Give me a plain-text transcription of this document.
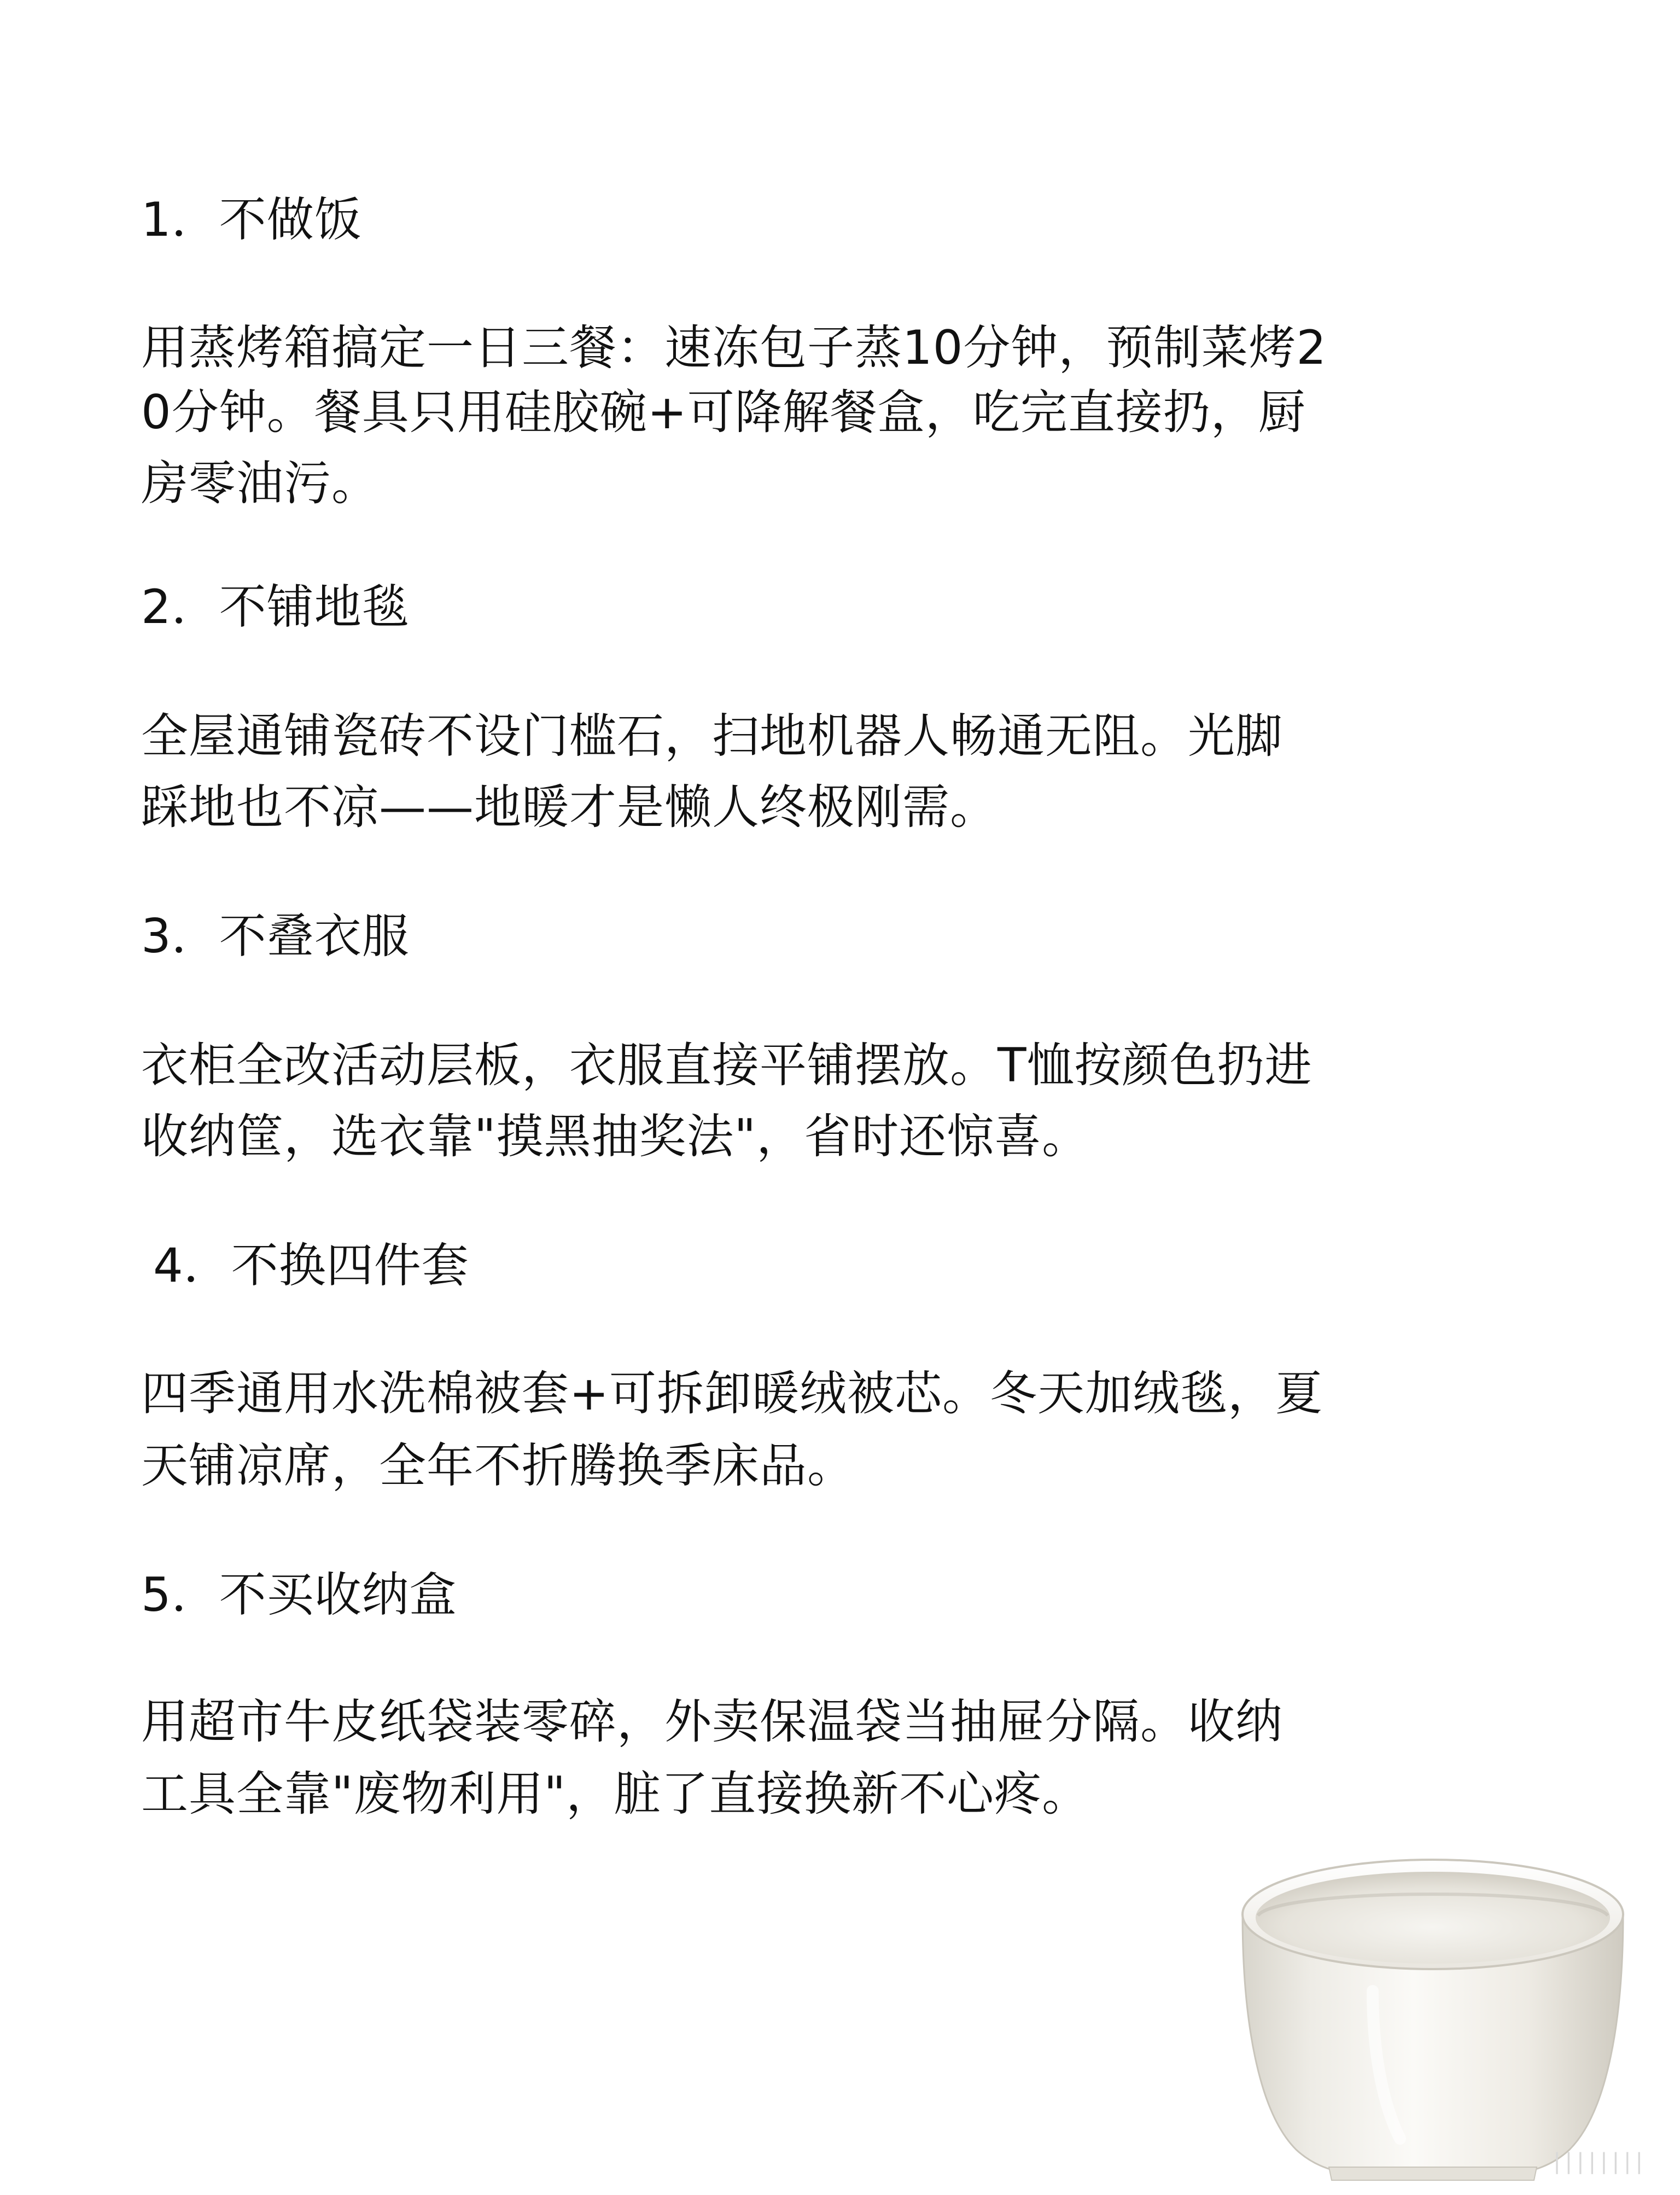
1．不做饭

用蒸烤箱搞定一日三餐：速冻包子蒸10分钟，预制菜烤2

0分钟。餐具只用硅胶碗+可降解餐盒，吃完直接扔，厨

房零油污。

2．不铺地毯

全屋通铺瓷砖不设门槛石，扫地机器人畅通无阻。光脚

踩地也不凉——地暖才是懒人终极刚需。

3．不叠衣服

衣柜全改活动层板，衣服直接平铺摆放。T恤按颜色扔进

收纳筐，选衣靠"摸黑抽奖法"，省时还惊喜。

4．不换四件套

四季通用水洗棉被套+可拆卸暖绒被芯。冬天加绒毯，夏

天铺凉席，全年不折腾换季床品。

5．不买收纳盒

用超市牛皮纸袋装零碎，外卖保温袋当抽屉分隔。收纳

工具全靠"废物利用"，脏了直接换新不心疼。

||||||||
